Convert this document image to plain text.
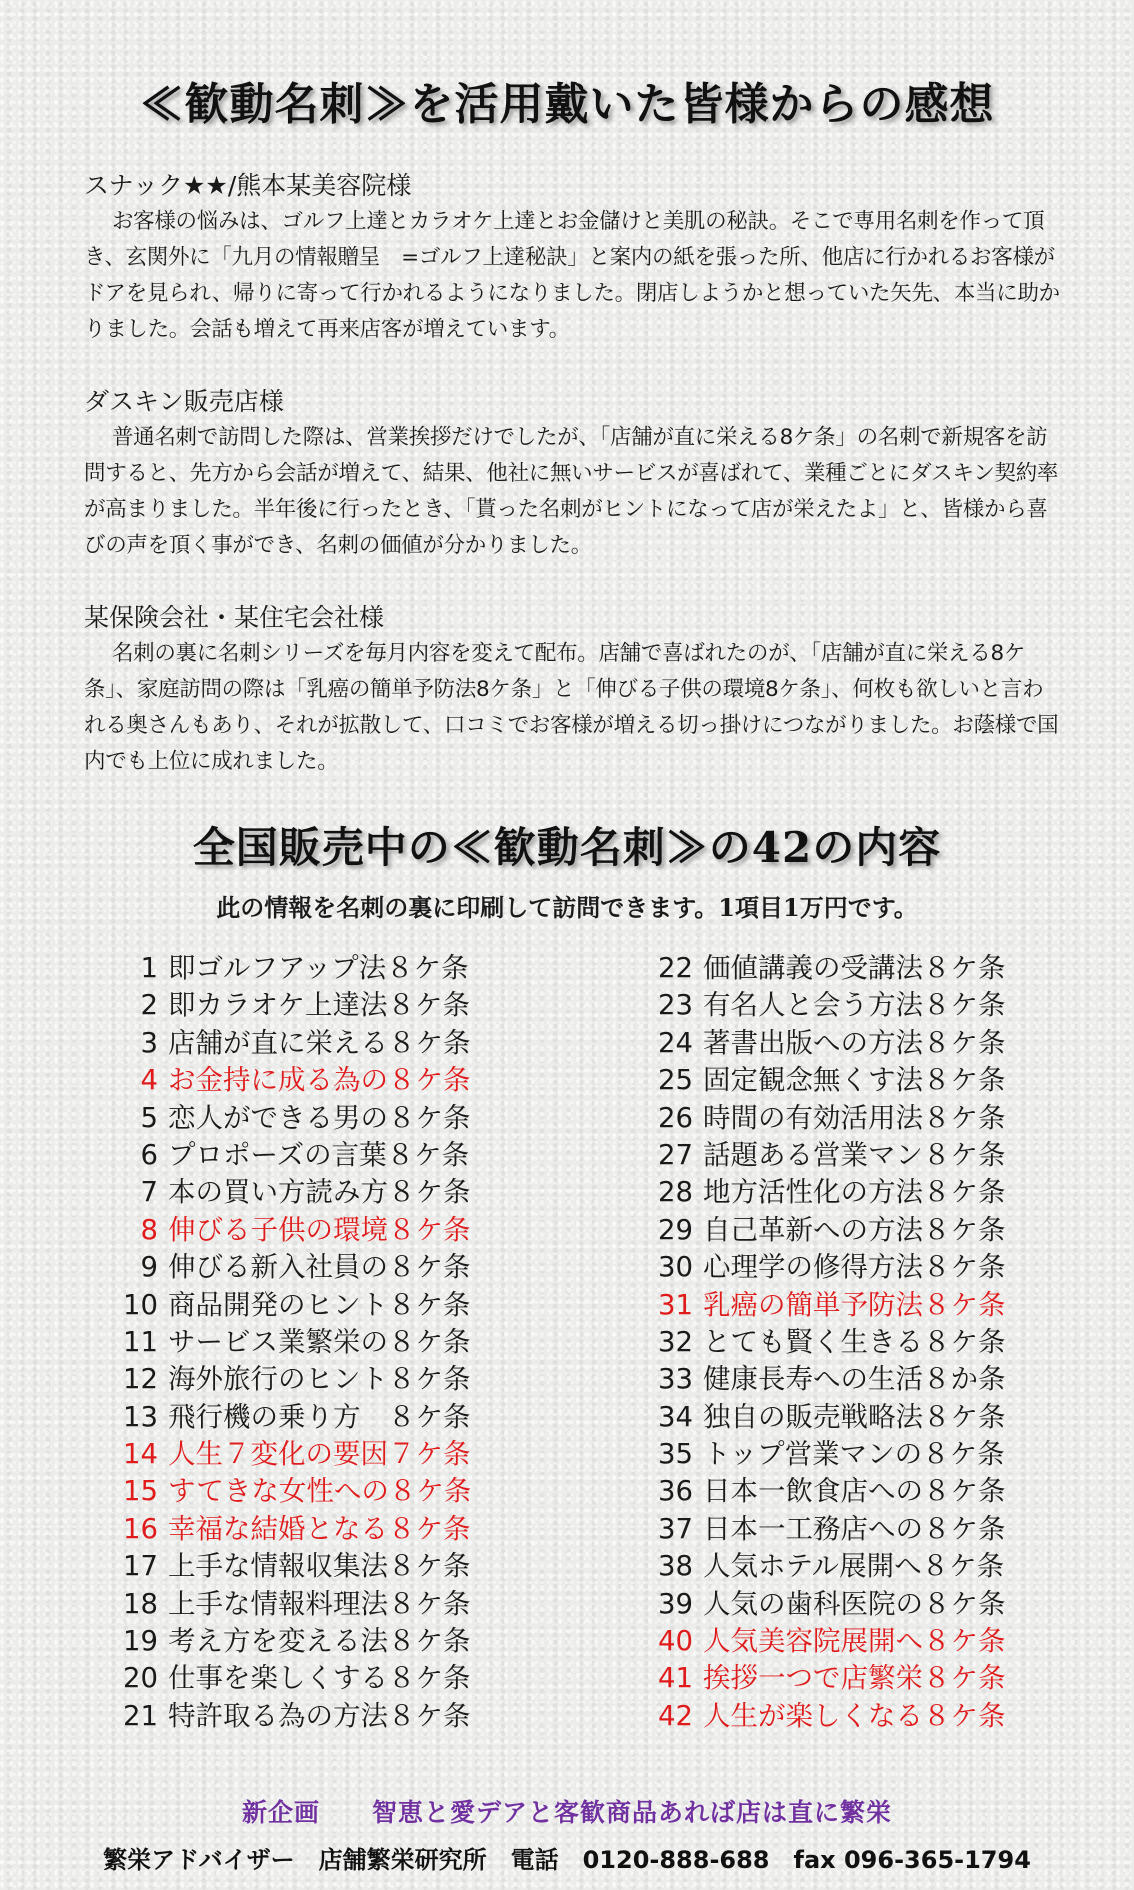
≪歓動名刺≫を活用戴いた皆様からの感想
スナック★★/熊本某美容院様
お客様の悩みは、ゴルフ上達とカラオケ上達とお金儲けと美肌の秘訣。そこで専用名刺を作って頂き、玄関外に「九月の情報贈呈　=ゴルフ上達秘訣」と案内の紙を張った所、他店に行かれるお客様がドアを見られ、帰りに寄って行かれるようになりました。閉店しようかと想っていた矢先、本当に助かりました。会話も増えて再来店客が増えています。
ダスキン販売店様
普通名刺で訪問した際は、営業挨拶だけでしたが、「店舗が直に栄える8ケ条」の名刺で新規客を訪問すると、先方から会話が増えて、結果、他社に無いサービスが喜ばれて、業種ごとにダスキン契約率が高まりました。半年後に行ったとき、「貰った名刺がヒントになって店が栄えたよ」と、皆様から喜びの声を頂く事ができ、名刺の価値が分かりました。
某保険会社・某住宅会社様
名刺の裏に名刺シリーズを毎月内容を変えて配布。店舗で喜ばれたのが、「店舗が直に栄える8ケ条」、家庭訪問の際は「乳癌の簡単予防法8ケ条」と「伸びる子供の環境8ケ条」、何枚も欲しいと言われる奥さんもあり、それが拡散して、口コミでお客様が増える切っ掛けにつながりました。お蔭様で国内でも上位に成れました。
全国販売中の≪歓動名刺≫の42の内容
此の情報を名刺の裏に印刷して訪問できます。1項目1万円です。
1 即ゴルフアップ法８ケ条
2 即カラオケ上達法８ケ条
3 店舗が直に栄える８ケ条
4 お金持に成る為の８ケ条
5 恋人ができる男の８ケ条
6 プロポーズの言葉８ケ条
7 本の買い方読み方８ケ条
8 伸びる子供の環境８ケ条
9 伸びる新入社員の８ケ条
10 商品開発のヒント８ケ条
11 サービス業繁栄の８ケ条
12 海外旅行のヒント８ケ条
13 飛行機の乗り方　８ケ条
14 人生７変化の要因７ケ条
15 すてきな女性への８ケ条
16 幸福な結婚となる８ケ条
17 上手な情報収集法８ケ条
18 上手な情報料理法８ケ条
19 考え方を変える法８ケ条
20 仕事を楽しくする８ケ条
21 特許取る為の方法８ケ条
22 価値講義の受講法８ケ条
23 有名人と会う方法８ケ条
24 著書出版への方法８ケ条
25 固定観念無くす法８ケ条
26 時間の有効活用法８ケ条
27 話題ある営業マン８ケ条
28 地方活性化の方法８ケ条
29 自己革新への方法８ケ条
30 心理学の修得方法８ケ条
31 乳癌の簡単予防法８ケ条
32 とても賢く生きる８ケ条
33 健康長寿への生活８か条
34 独自の販売戦略法８ケ条
35 トップ営業マンの８ケ条
36 日本一飲食店への８ケ条
37 日本一工務店への８ケ条
38 人気ホテル展開へ８ケ条
39 人気の歯科医院の８ケ条
40 人気美容院展開へ８ケ条
41 挨拶一つで店繁栄８ケ条
42 人生が楽しくなる８ケ条
新企画　　智恵と愛デアと客歓商品あれば店は直に繁栄
繁栄アドバイザー　店舗繁栄研究所　電話　0120-888-688　fax 096-365-1794
